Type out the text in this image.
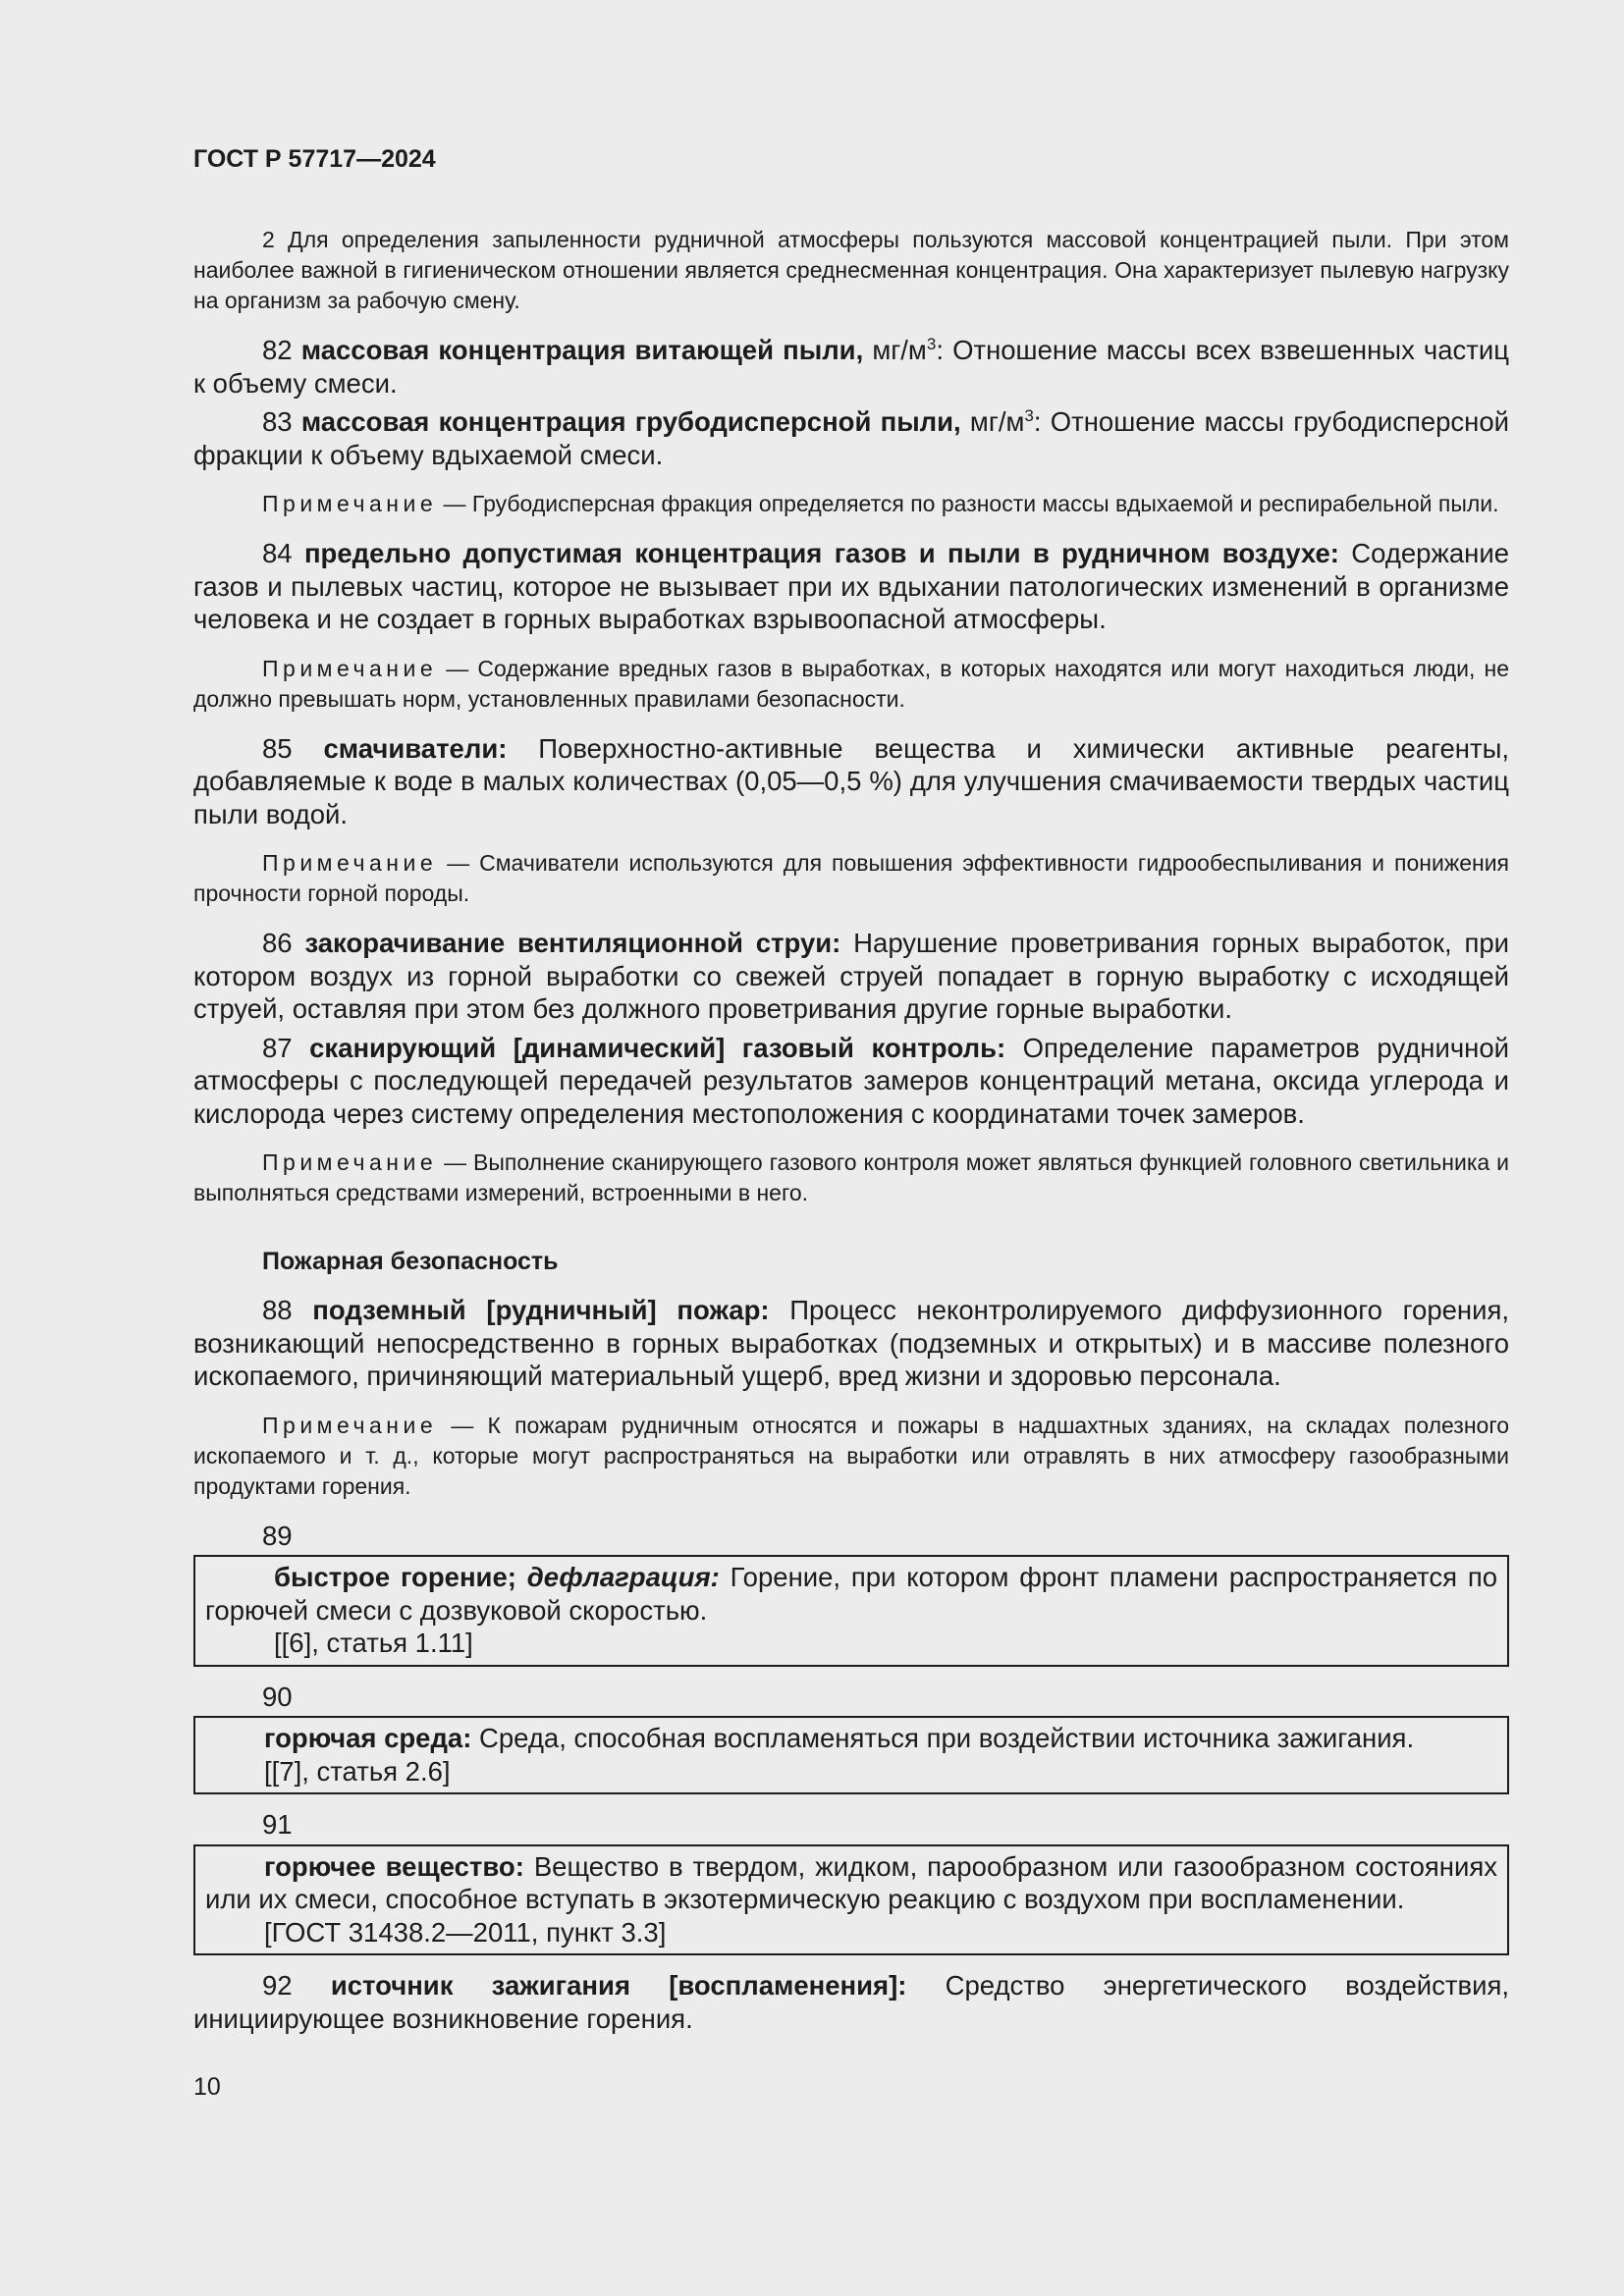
ГОСТ Р 57717—2024

2 Для определения запыленности рудничной атмосферы пользуются массовой концентрацией пыли. При этом наиболее важной в гигиеническом отношении является среднесменная концентрация. Она характеризует пылевую нагрузку на организм за рабочую смену.

82 массовая концентрация витающей пыли, $мг/м^3$: Отношение массы всех взвешенных частиц к объему смеси.

83 массовая концентрация грубодисперсной пыли, $мг/м^3$: Отношение массы грубодисперсной фракции к объему вдыхаемой смеси.

Примечание — Грубодисперсная фракция определяется по разности массы вдыхаемой и респирабельной пыли.

84 предельно допустимая концентрация газов и пыли в рудничном воздухе: Содержание газов и пылевых частиц, которое не вызывает при их вдыхании патологических изменений в организме человека и не создает в горных выработках взрывоопасной атмосферы.

Примечание — Содержание вредных газов в выработках, в которых находятся или могут находиться люди, не должно превышать норм, установленных правилами безопасности.

85 смачиватели: Поверхностно-активные вещества и химически активные реагенты, добавляемые к воде в малых количествах (0,05—0,5 %) для улучшения смачиваемости твердых частиц пыли водой.

Примечание — Смачиватели используются для повышения эффективности гидрообеспыливания и понижения прочности горной породы.

86 закорачивание вентиляционной струи: Нарушение проветривания горных выработок, при котором воздух из горной выработки со свежей струей попадает в горную выработку с исходящей струей, оставляя при этом без должного проветривания другие горные выработки.

87 сканирующий [динамический] газовый контроль: Определение параметров рудничной атмосферы с последующей передачей результатов замеров концентраций метана, оксида углерода и кислорода через систему определения местоположения с координатами точек замеров.

Примечание — Выполнение сканирующего газового контроля может являться функцией головного светильника и выполняться средствами измерений, встроенными в него.

Пожарная безопасность

88 подземный [рудничный] пожар: Процесс неконтролируемого диффузионного горения, возникающий непосредственно в горных выработках (подземных и открытых) и в массиве полезного ископаемого, причиняющий материальный ущерб, вред жизни и здоровью персонала.

Примечание — К пожарам рудничным относятся и пожары в надшахтных зданиях, на складах полезного ископаемого и т. д., которые могут распространяться на выработки или отравлять в них атмосферу газообразными продуктами горения.

89

быстрое горение; дефлаграция: Горение, при котором фронт пламени распространяется по горючей смеси с дозвуковой скоростью.

[[6], статья 1.11]
90

горючая среда: Среда, способная воспламеняться при воздействии источника зажигания.

[[7], статья 2.6]
91

горючее вещество: Вещество в твердом, жидком, парообразном или газообразном состояниях или их смеси, способное вступать в экзотермическую реакцию с воздухом при воспламенении.

[ГОСТ 31438.2—2011, пункт 3.3]

92 источник зажигания [воспламенения]: Средство энергетического воздействия, инициирующее возникновение горения.

10
